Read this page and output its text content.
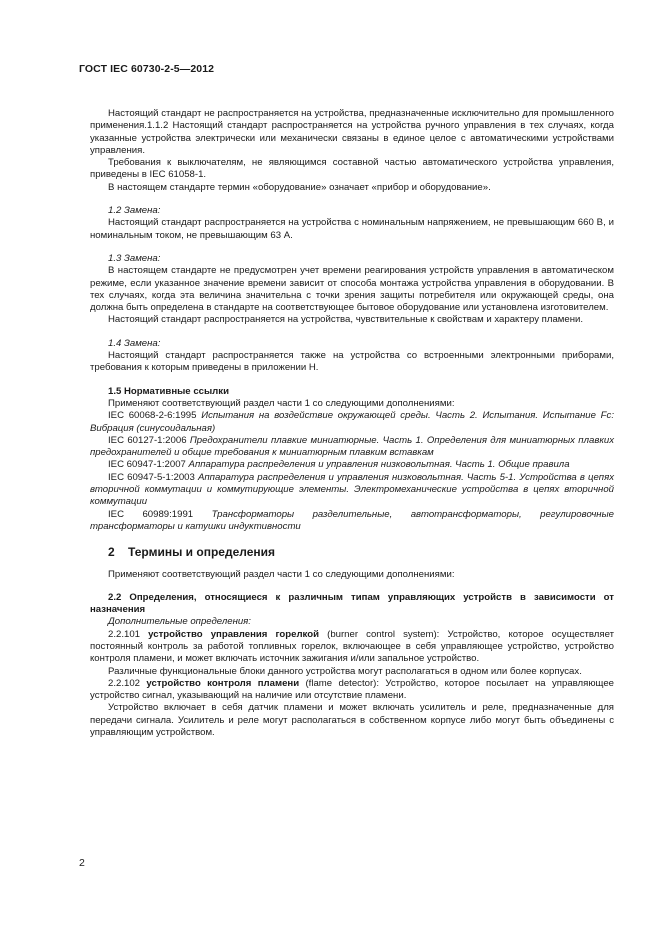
ГОСТ IEC 60730-2-5—2012

Настоящий стандарт не распространяется на устройства, предназначенные исключительно для промышленного применения.1.1.2 Настоящий стандарт распространяется на устройства ручного управления в тех случаях, когда указанные устройства электрически или механически связаны в единое целое с автоматическими устройствами управления.

Требования к выключателям, не являющимся составной частью автоматического устройства управления, приведены в IEC 61058-1.

В настоящем стандарте термин «оборудование» означает «прибор и оборудование».

1.2 Замена:

Настоящий стандарт распространяется на устройства с номинальным напряжением, не превышающим 660 В, и номинальным током, не превышающим 63 А.

1.3 Замена:

В настоящем стандарте не предусмотрен учет времени реагирования устройств управления в автоматическом режиме, если указанное значение времени зависит от способа монтажа устройства управления в оборудовании. В тех случаях, когда эта величина значительна с точки зрения защиты потребителя или окружающей среды, она должна быть определена в стандарте на соответствующее бытовое оборудование или установлена изготовителем.

Настоящий стандарт распространяется на устройства, чувствительные к свойствам и характеру пламени.

1.4 Замена:

Настоящий стандарт распространяется также на устройства со встроенными электронными приборами, требования к которым приведены в приложении Н.

1.5 Нормативные ссылки

Применяют соответствующий раздел части 1 со следующими дополнениями:

IEC 60068-2-6:1995 Испытания на воздействие окружающей среды. Часть 2. Испытания. Испытание Fc: Вибрация (синусоидальная)

IEC 60127-1:2006 Предохранители плавкие миниатюрные. Часть 1. Определения для миниатюрных плавких предохранителей и общие требования к миниатюрным плавким вставкам

IEC 60947-1:2007 Аппаратура распределения и управления низковольтная. Часть 1. Общие правила

IEC 60947-5-1:2003 Аппаратура распределения и управления низковольтная. Часть 5-1. Устройства в цепях вторичной коммутации и коммутирующие элементы. Электромеханические устройства в цепях вторичной коммутации

IEC 60989:1991 Трансформаторы разделительные, автотрансформаторы, регулировочные трансформаторы и катушки индуктивности

2 Термины и определения

Применяют соответствующий раздел части 1 со следующими дополнениями:

2.2 Определения, относящиеся к различным типам управляющих устройств в зависимости от назначения

Дополнительные определения:

2.2.101 устройство управления горелкой (burner control system): Устройство, которое осуществляет постоянный контроль за работой топливных горелок, включающее в себя управляющее устройство, устройство контроля пламени, и может включать источник зажигания и/или запальное устройство.

Различные функциональные блоки данного устройства могут располагаться в одном или более корпусах.

2.2.102 устройство контроля пламени (flame detector): Устройство, которое посылает на управляющее устройство сигнал, указывающий на наличие или отсутствие пламени.

Устройство включает в себя датчик пламени и может включать усилитель и реле, предназначенные для передачи сигнала. Усилитель и реле могут располагаться в собственном корпусе либо могут быть объединены с управляющим устройством.

2
